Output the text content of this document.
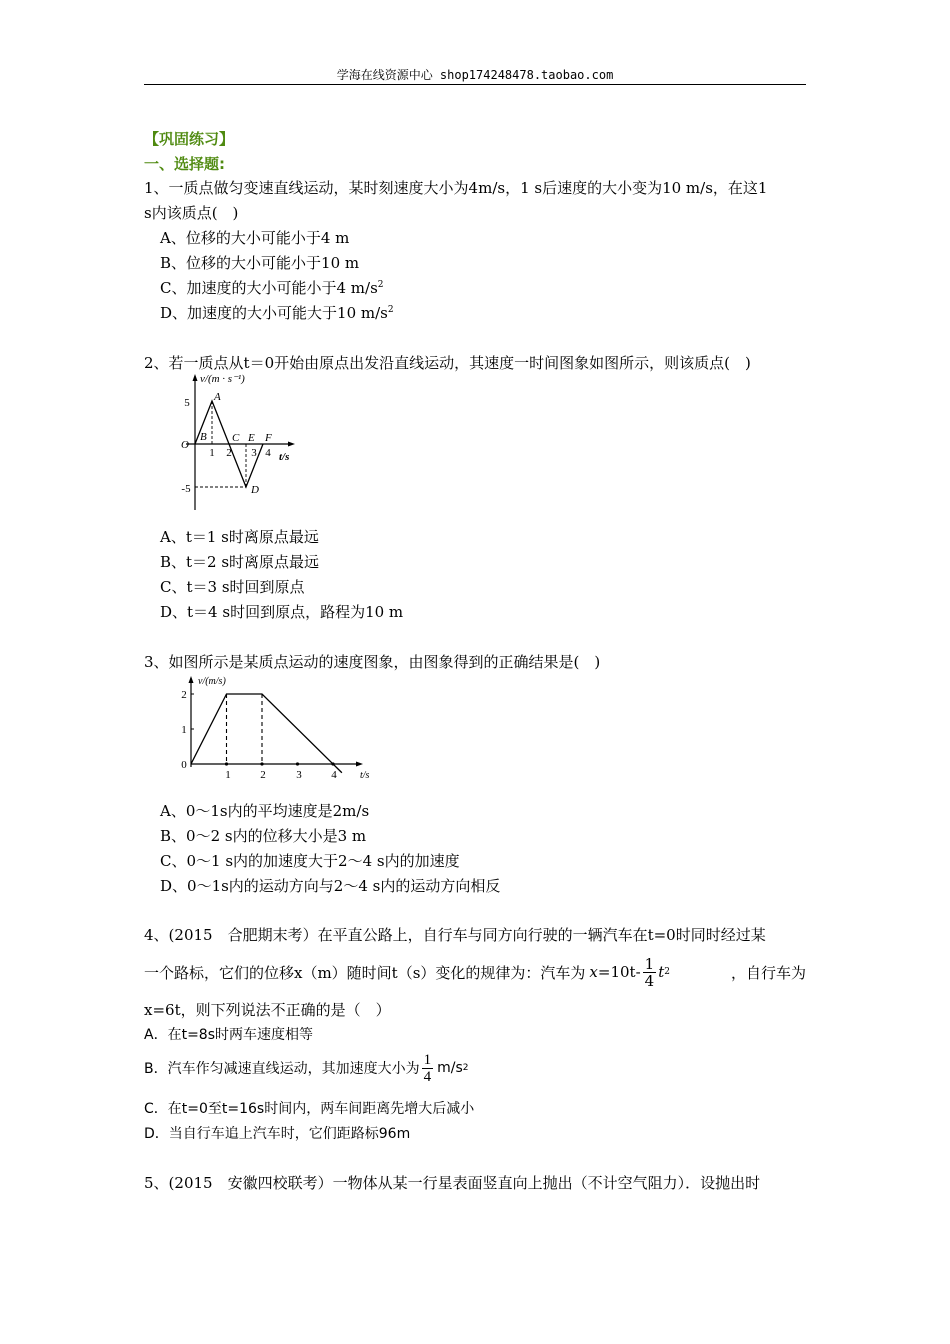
学海在线资源中心 shop174248478.taobao.com
【巩固练习】
一、选择题:
1、一质点做匀变速直线运动，某时刻速度大小为4m/s，1 s后速度的大小变为10 m/s，在这1
s内该质点(　)
A、位移的大小可能小于4 m
B、位移的大小可能小于10 m
C、加速度的大小可能小于4 $m/s^2$
D、加速度的大小可能大于10 $m/s^2$
2、若一质点从t＝0开始由原点出发沿直线运动，其速度一时间图象如图所示，则该质点(　)
v/(m · s⁻¹)
t/s
A
B C E F
D
O
5
-5
1 2 3 4
A、t＝1 s时离原点最远
B、t＝2 s时离原点最远
C、t＝3 s时回到原点
D、t＝4 s时回到原点，路程为10 m
3、如图所示是某质点运动的速度图象，由图象得到的正确结果是(　)
v/(m/s)
t/s
2
1
0
1	2	3	4
A、0～1s内的平均速度是2m/s
B、0～2 s内的位移大小是3 m
C、0～1 s内的加速度大于2～4 s内的加速度
D、0～1s内的运动方向与2～4 s内的运动方向相反
4、(2015　合肥期末考）在平直公路上，自行车与同方向行驶的一辆汽车在t=0时同时经过某
一个路标，它们的位移x（m）随时间t（s）变化的规律为：汽车为 $x =10t- \frac{1}{4}$ t 2	，自行车为
x=6t，则下列说法不正确的是（　）
A．在t=8s时两车速度相等
B．汽车作匀减速直线运动，其加速度大小为 $\frac{1}{4} m/s$ 2
C．在t=0至t=16s时间内，两车间距离先增大后减小
D．当自行车追上汽车时，它们距路标96m
5、(2015　安徽四校联考）一物体从某一行星表面竖直向上抛出（不计空气阻力）．设抛出时
